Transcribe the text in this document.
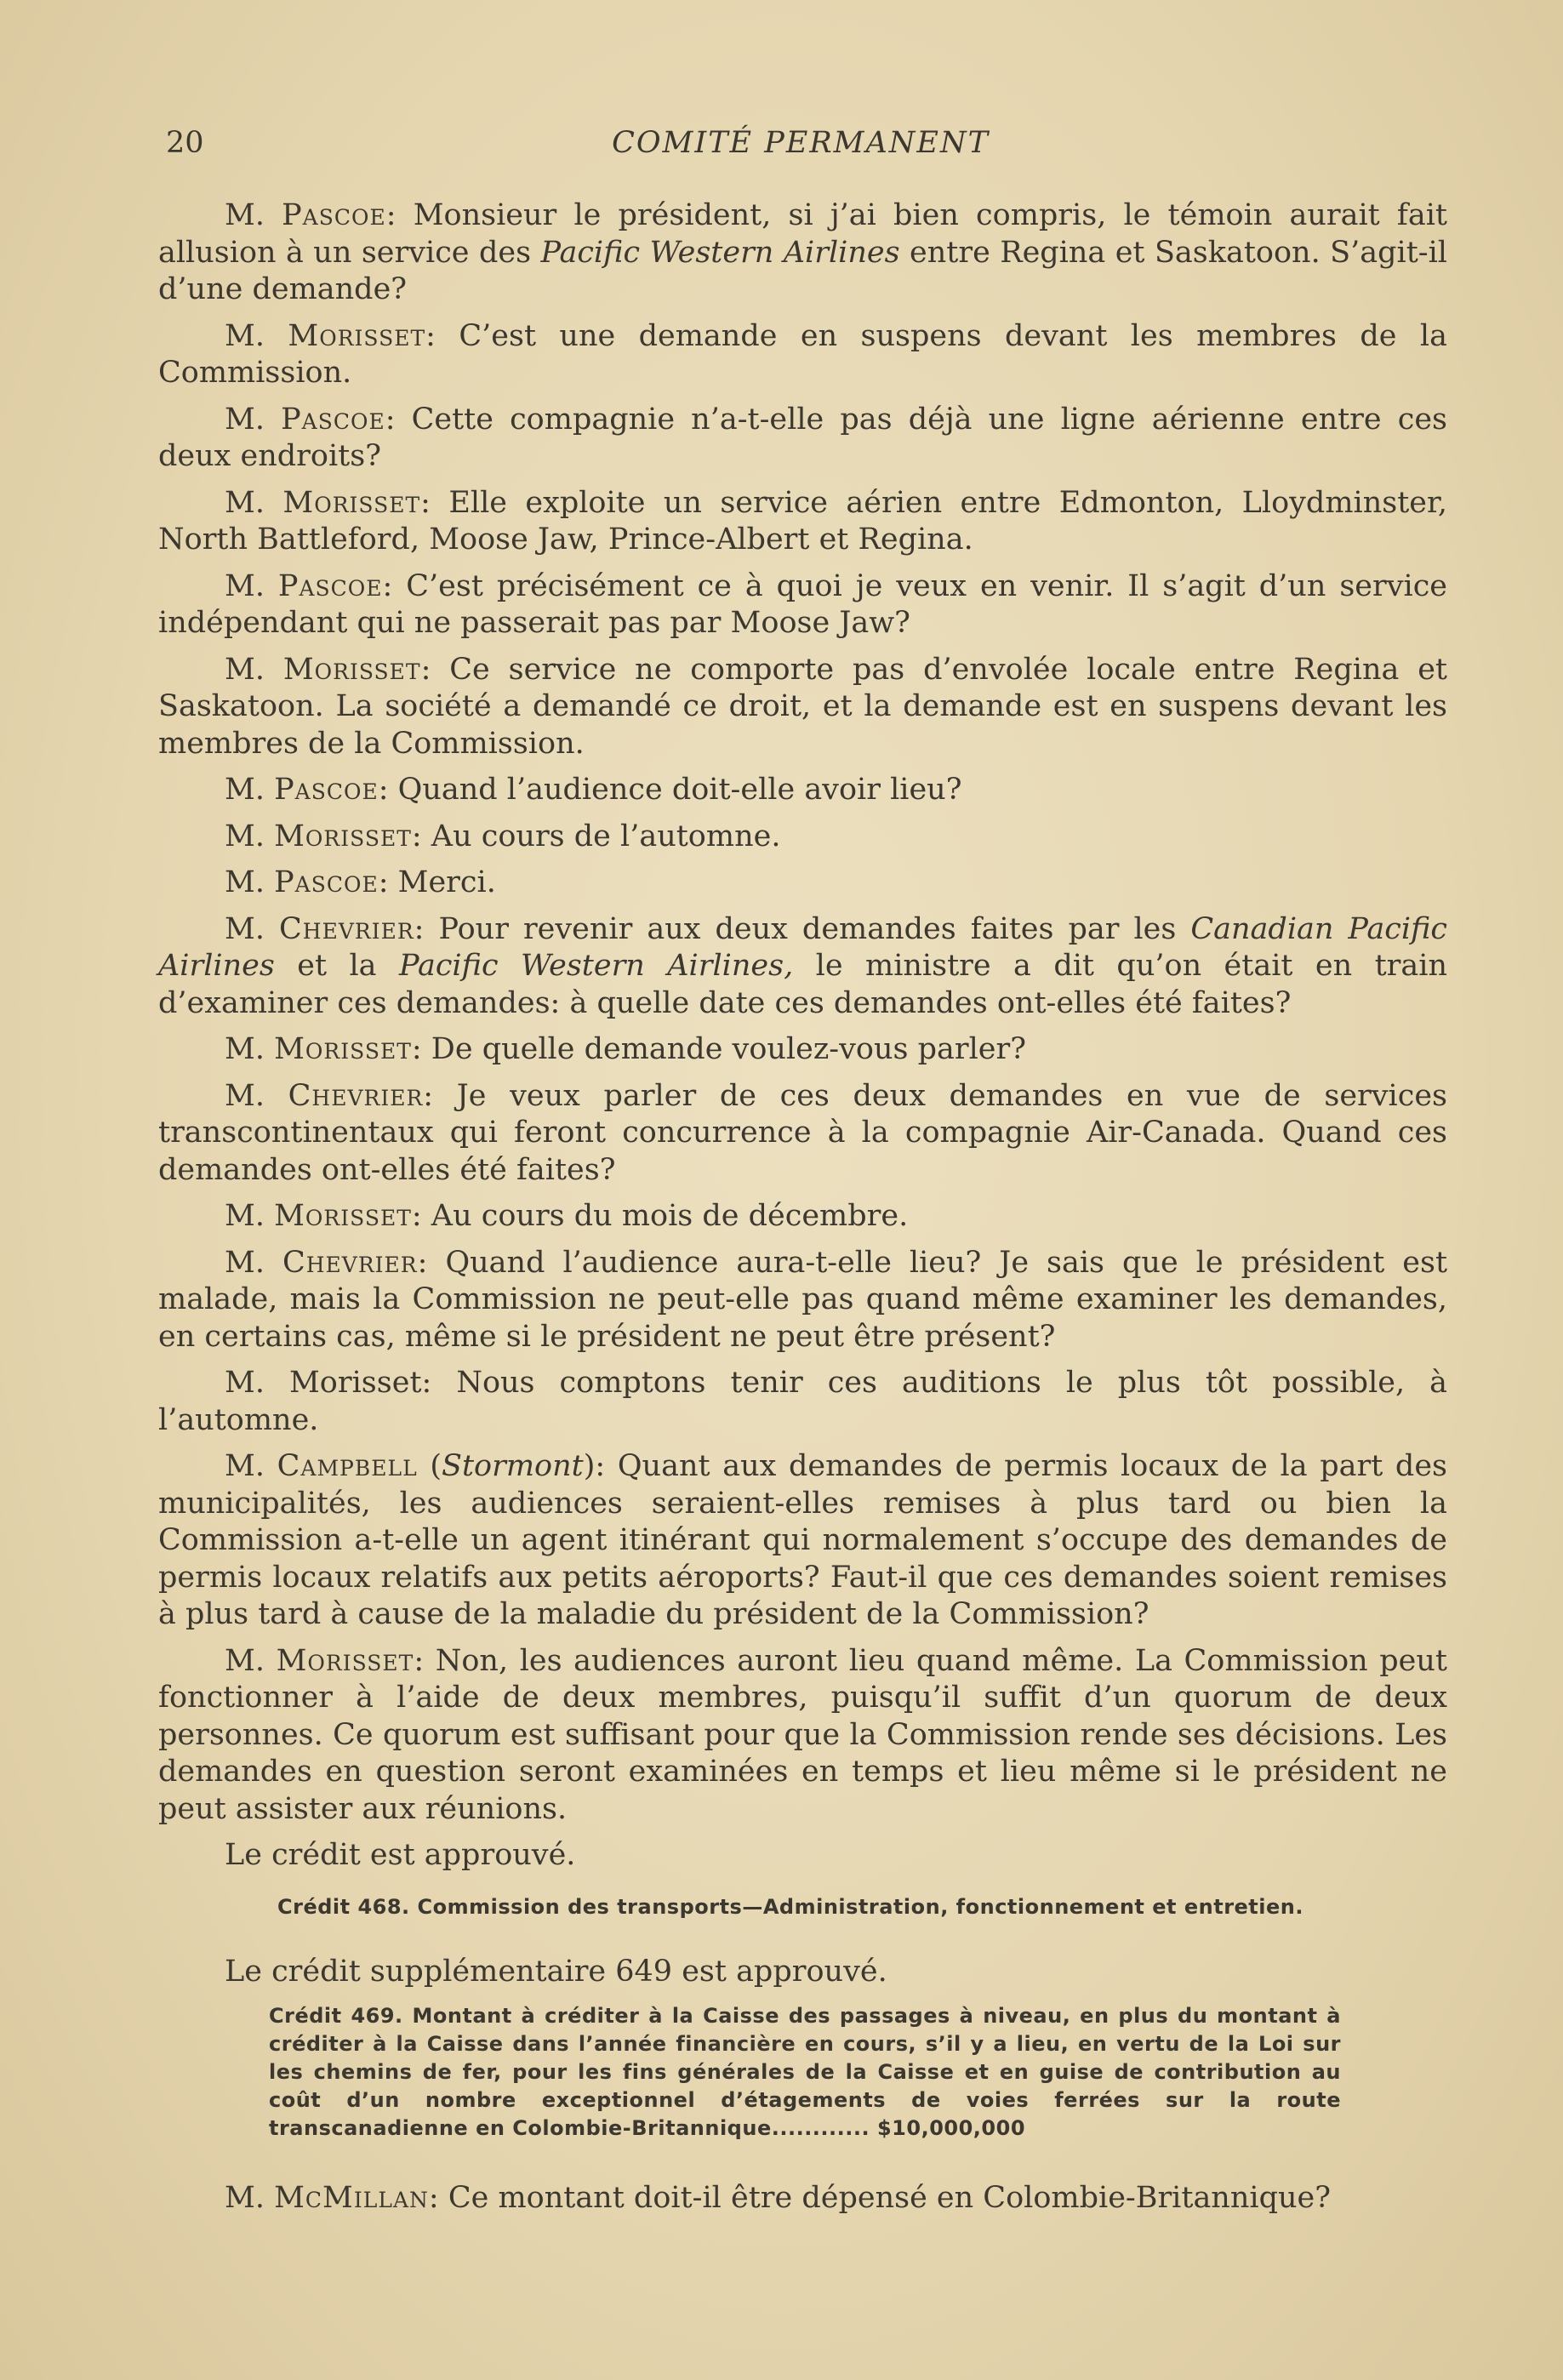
20	COMITÉ PERMANENT

M. Pascoe: Monsieur le président, si j’ai bien compris, le témoin aurait fait allusion à un service des Pacific Western Airlines entre Regina et Saskatoon. S’agit-il d’une demande?

M. Morisset: C’est une demande en suspens devant les membres de la Commission.

M. Pascoe: Cette compagnie n’a-t-elle pas déjà une ligne aérienne entre ces deux endroits?

M. Morisset: Elle exploite un service aérien entre Edmonton, Lloydminster, North Battleford, Moose Jaw, Prince-Albert et Regina.

M. Pascoe: C’est précisément ce à quoi je veux en venir. Il s’agit d’un service indépendant qui ne passerait pas par Moose Jaw?

M. Morisset: Ce service ne comporte pas d’envolée locale entre Regina et Saskatoon. La société a demandé ce droit, et la demande est en suspens devant les membres de la Commission.

M. Pascoe: Quand l’audience doit-elle avoir lieu?

M. Morisset: Au cours de l’automne.

M. Pascoe: Merci.

M. Chevrier: Pour revenir aux deux demandes faites par les Canadian Pacific Airlines et la Pacific Western Airlines, le ministre a dit qu’on était en train d’examiner ces demandes: à quelle date ces demandes ont-elles été faites?

M. Morisset: De quelle demande voulez-vous parler?

M. Chevrier: Je veux parler de ces deux demandes en vue de services transcontinentaux qui feront concurrence à la compagnie Air-Canada. Quand ces demandes ont-elles été faites?

M. Morisset: Au cours du mois de décembre.

M. Chevrier: Quand l’audience aura-t-elle lieu? Je sais que le président est malade, mais la Commission ne peut-elle pas quand même examiner les demandes, en certains cas, même si le président ne peut être présent?

M. Morisset: Nous comptons tenir ces auditions le plus tôt possible, à l’automne.

M. Campbell (Stormont): Quant aux demandes de permis locaux de la part des municipalités, les audiences seraient-elles remises à plus tard ou bien la Commission a-t-elle un agent itinérant qui normalement s’occupe des demandes de permis locaux relatifs aux petits aéroports? Faut-il que ces demandes soient remises à plus tard à cause de la maladie du président de la Commission?

M. Morisset: Non, les audiences auront lieu quand même. La Commission peut fonctionner à l’aide de deux membres, puisqu’il suffit d’un quorum de deux personnes. Ce quorum est suffisant pour que la Commission rende ses décisions. Les demandes en question seront examinées en temps et lieu même si le président ne peut assister aux réunions.

Le crédit est approuvé.

Crédit 468. Commission des transports—Administration, fonctionnement et entretien.

Le crédit supplémentaire 649 est approuvé.

Crédit 469. Montant à créditer à la Caisse des passages à niveau, en plus du montant à créditer à la Caisse dans l’année financière en cours, s’il y a lieu, en vertu de la Loi sur les chemins de fer, pour les fins générales de la Caisse et en guise de contribution au coût d’un nombre exceptionnel d’étagements de voies ferrées sur la route transcanadienne en Colombie-Britannique............ $10,000,000

M. McMillan: Ce montant doit-il être dépensé en Colombie-Britannique?
